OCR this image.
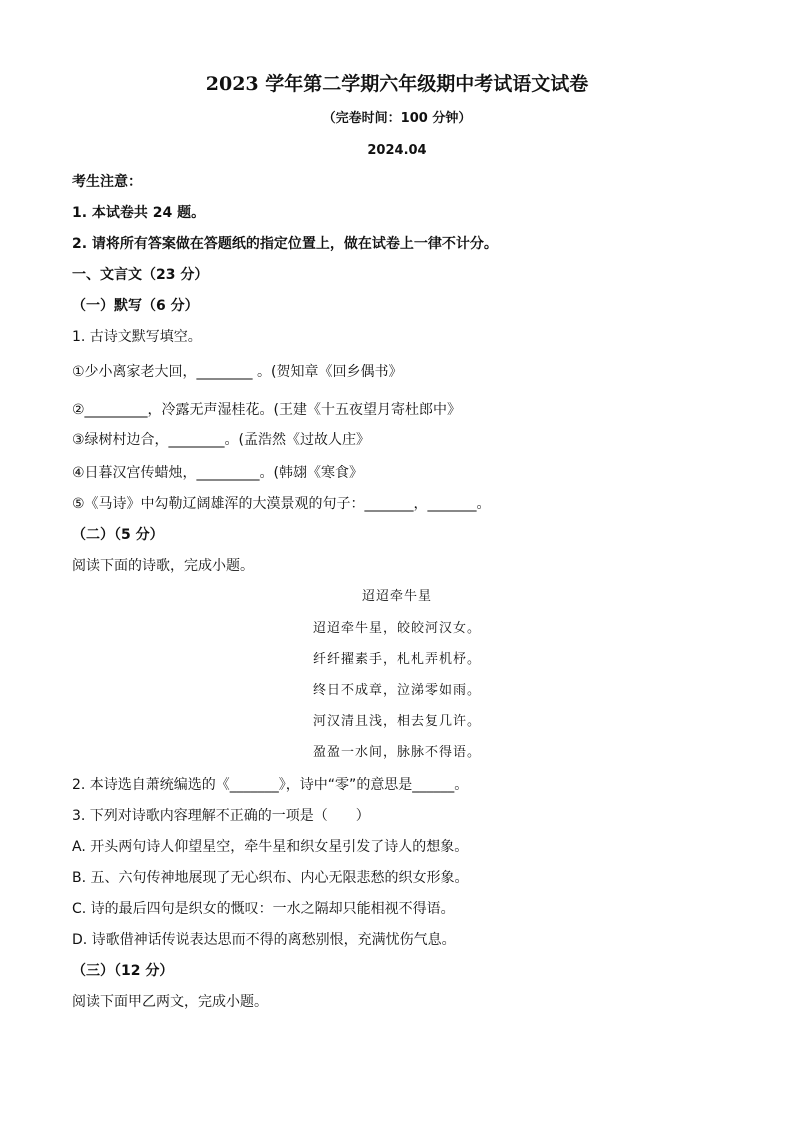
2023 学年第二学期六年级期中考试语文试卷
（完卷时间：100 分钟）
2024.04
考生注意：
1. 本试卷共 24 题。
2. 请将所有答案做在答题纸的指定位置上，做在试卷上一律不计分。
一、文言文（23 分）
（一）默写（6 分）
1. 古诗文默写填空。
①少小离家老大回，________ 。(贺知章《回乡偶书》
②_________，冷露无声湿桂花。(王建《十五夜望月寄杜郎中》
③绿树村边合，________。(孟浩然《过故人庄》
④日暮汉宫传蜡烛，_________。(韩翃《寒食》
⑤《马诗》中勾勒辽阔雄浑的大漠景观的句子：_______，_______。
（二）（5 分）
阅读下面的诗歌，完成小题。
迢迢牵牛星
迢迢牵牛星，皎皎河汉女。
纤纤擢素手，札札弄机杼。
终日不成章，泣涕零如雨。
河汉清且浅，相去复几许。
盈盈一水间，脉脉不得语。
2. 本诗选自萧统编选的《_______》，诗中“零”的意思是______。
3. 下列对诗歌内容理解不正确的一项是（　　）
A. 开头两句诗人仰望星空，牵牛星和织女星引发了诗人的想象。
B. 五、六句传神地展现了无心织布、内心无限悲愁的织女形象。
C. 诗的最后四句是织女的慨叹：一水之隔却只能相视不得语。
D. 诗歌借神话传说表达思而不得的离愁别恨，充满忧伤气息。
（三）（12 分）
阅读下面甲乙两文，完成小题。
